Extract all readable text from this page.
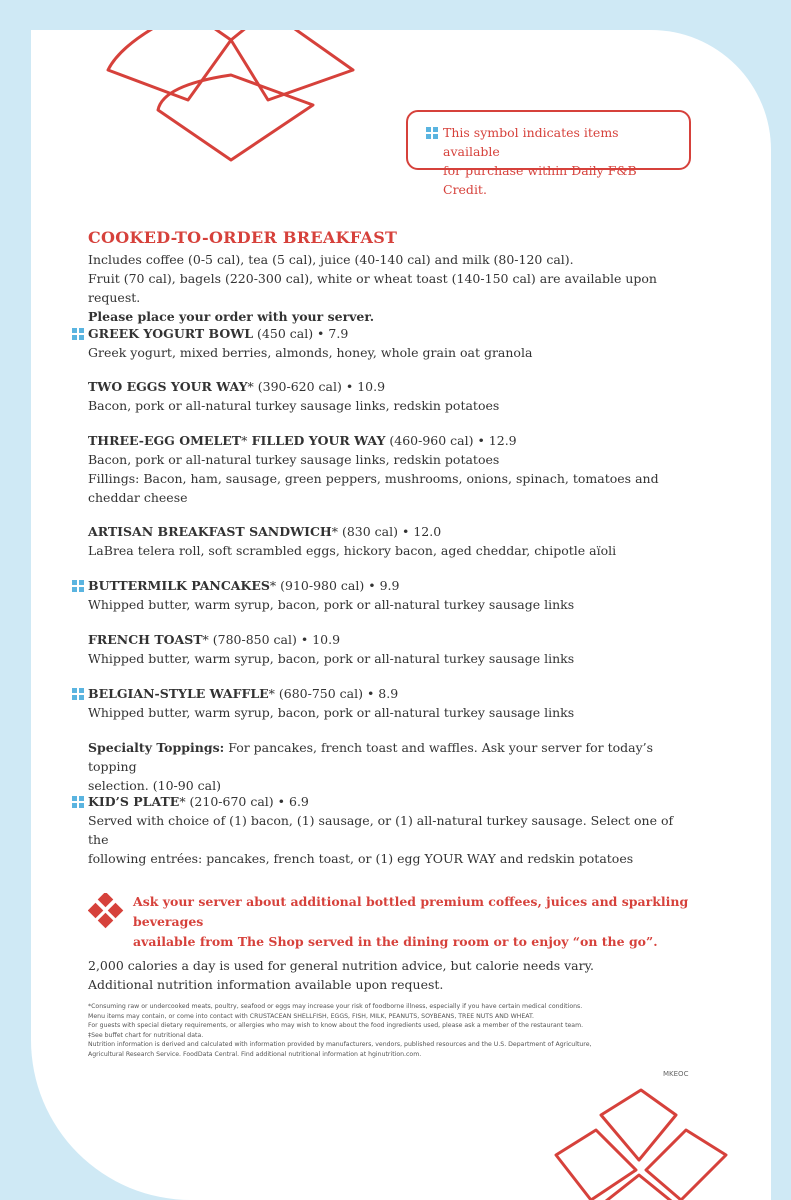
This symbol indicates items available
for purchase within Daily F&B Credit.
COOKED-TO-ORDER BREAKFAST
Includes coffee (0-5 cal), tea (5 cal), juice (40-140 cal) and milk (80-120 cal).
Fruit (70 cal), bagels (220-300 cal), white or wheat toast (140-150 cal) are available upon request.
Please place your order with your server.
GREEK YOGURT BOWL (450 cal) • 7.9
Greek yogurt, mixed berries, almonds, honey, whole grain oat granola
TWO EGGS YOUR WAY* (390-620 cal) • 10.9
Bacon, pork or all-natural turkey sausage links, redskin potatoes
THREE-EGG OMELET* FILLED YOUR WAY (460-960 cal) • 12.9
Bacon, pork or all-natural turkey sausage links, redskin potatoes
Fillings: Bacon, ham, sausage, green peppers, mushrooms, onions, spinach, tomatoes and
cheddar cheese
ARTISAN BREAKFAST SANDWICH* (830 cal) • 12.0
LaBrea telera roll, soft scrambled eggs, hickory bacon, aged cheddar, chipotle aïoli
BUTTERMILK PANCAKES* (910-980 cal) • 9.9
Whipped butter, warm syrup, bacon, pork or all-natural turkey sausage links
FRENCH TOAST* (780-850 cal) • 10.9
Whipped butter, warm syrup, bacon, pork or all-natural turkey sausage links
BELGIAN-STYLE WAFFLE* (680-750 cal) • 8.9
Whipped butter, warm syrup, bacon, pork or all-natural turkey sausage links
Specialty Toppings: For pancakes, french toast and waffles. Ask your server for today’s topping
selection. (10-90 cal)
KID’S PLATE* (210-670 cal) • 6.9
Served with choice of (1) bacon, (1) sausage, or (1) all-natural turkey sausage. Select one of the
following entrées: pancakes, french toast, or (1) egg YOUR WAY and redskin potatoes
Ask your server about additional bottled premium coffees, juices and sparkling beverages
available from The Shop served in the dining room or to enjoy “on the go”.
2,000 calories a day is used for general nutrition advice, but calorie needs vary.
Additional nutrition information available upon request.
*Consuming raw or undercooked meats, poultry, seafood or eggs may increase your risk of foodborne illness, especially if you have certain medical conditions.
Menu items may contain, or come into contact with CRUSTACEAN SHELLFISH, EGGS, FISH, MILK, PEANUTS, SOYBEANS, TREE NUTS AND WHEAT.
For guests with special dietary requirements, or allergies who may wish to know about the food ingredients used, please ask a member of the restaurant team.
‡See buffet chart for nutritional data.
Nutrition information is derived and calculated with information provided by manufacturers, vendors, published resources and the U.S. Department of Agriculture,
Agricultural Research Service. FoodData Central. Find additional nutritional information at hginutrition.com.
MKEOC
